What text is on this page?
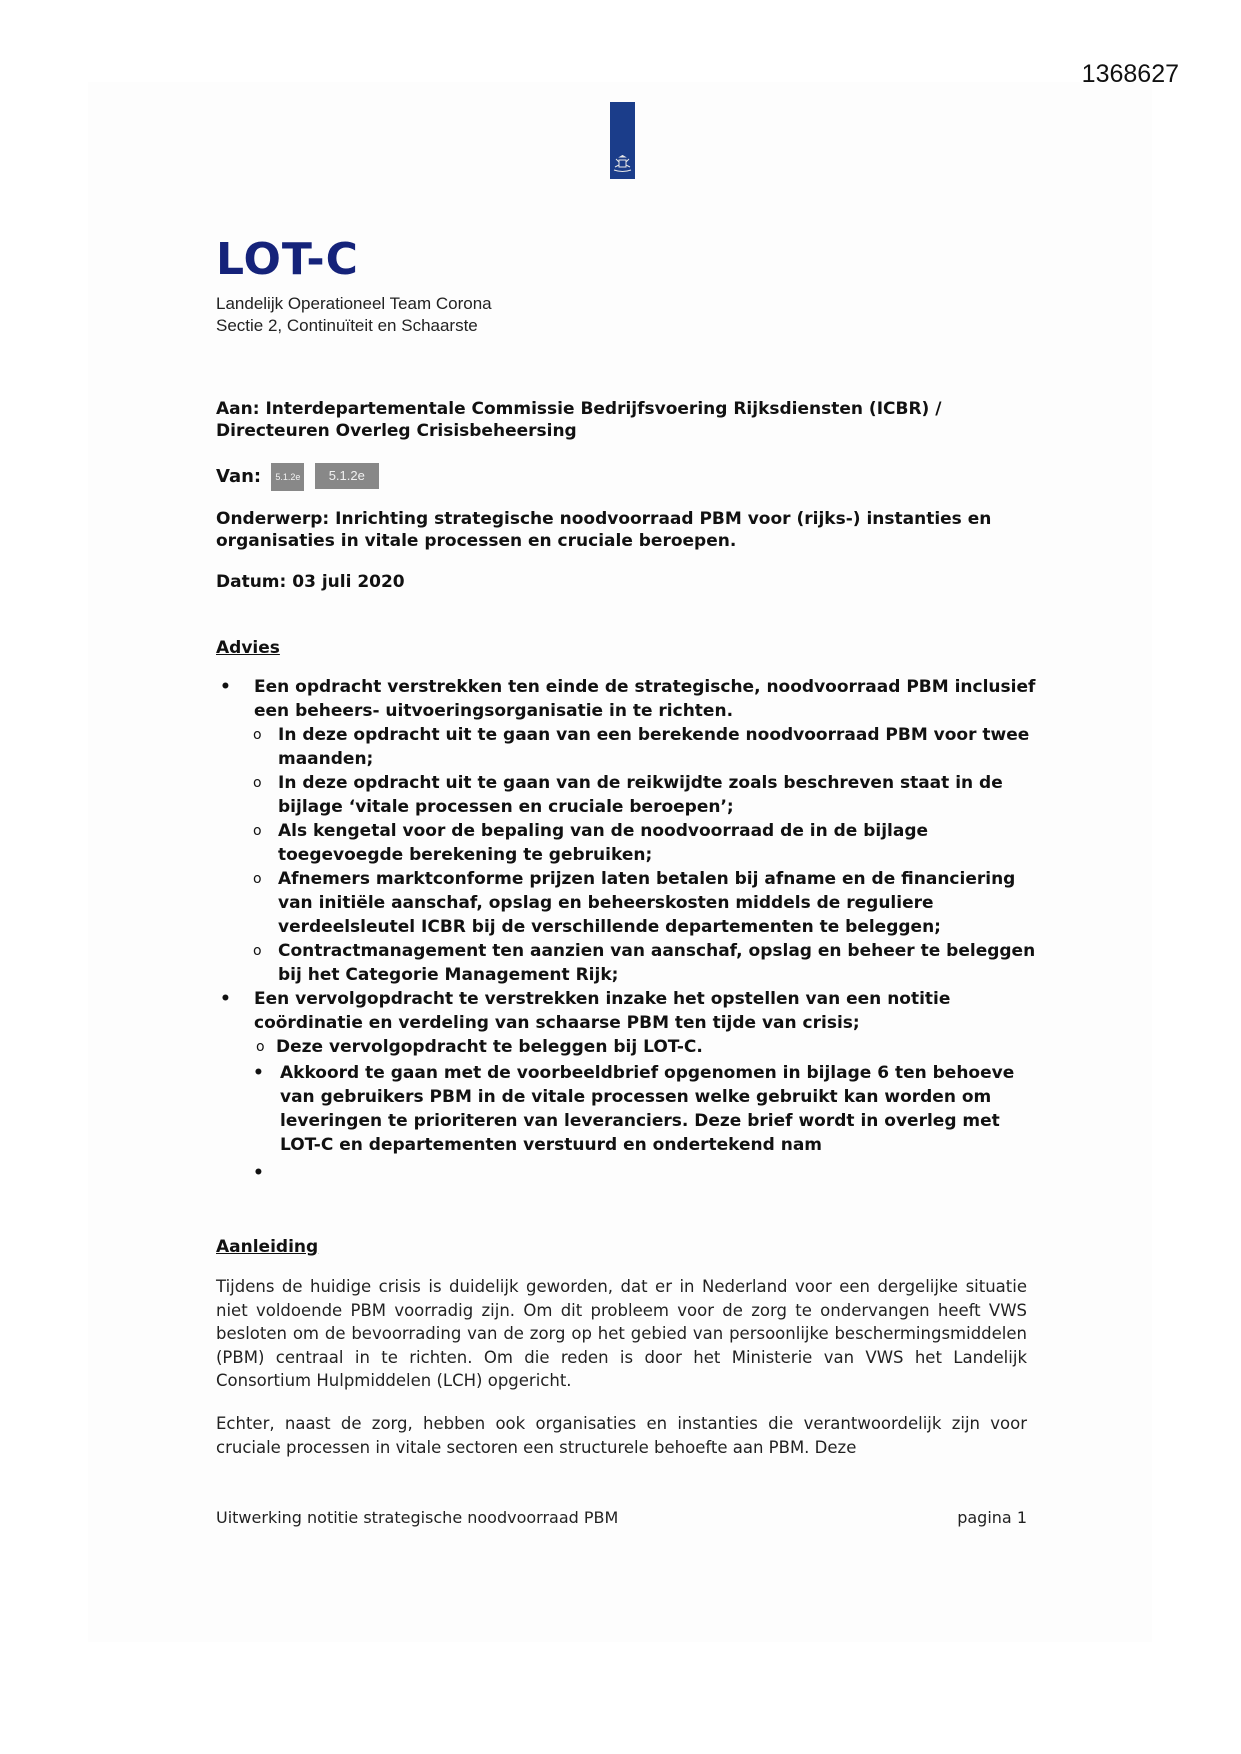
1368627
LOT-C
Landelijk Operationeel Team Corona
Sectie 2, Continuïteit en Schaarste
Aan: Interdepartementale Commissie Bedrijfsvoering Rijksdiensten (ICBR) / Directeuren Overleg Crisisbeheersing
Van: 5.1.2e 5.1.2e
Onderwerp: Inrichting strategische noodvoorraad PBM voor (rijks-) instanties en organisaties in vitale processen en cruciale beroepen.
Datum: 03 juli 2020
Advies
• Een opdracht verstrekken ten einde de strategische, noodvoorraad PBM inclusief een beheers- uitvoeringsorganisatie in te richten.
o In deze opdracht uit te gaan van een berekende noodvoorraad PBM voor twee maanden;
o In deze opdracht uit te gaan van de reikwijdte zoals beschreven staat in de bijlage ‘vitale processen en cruciale beroepen’;
o Als kengetal voor de bepaling van de noodvoorraad de in de bijlage toegevoegde berekening te gebruiken;
o Afnemers marktconforme prijzen laten betalen bij afname en de financiering van initiële aanschaf, opslag en beheerskosten middels de reguliere verdeelsleutel ICBR bij de verschillende departementen te beleggen;
o Contractmanagement ten aanzien van aanschaf, opslag en beheer te beleggen bij het Categorie Management Rijk;
• Een vervolgopdracht te verstrekken inzake het opstellen van een notitie coördinatie en verdeling van schaarse PBM ten tijde van crisis;
o Deze vervolgopdracht te beleggen bij LOT-C.
• Akkoord te gaan met de voorbeeldbrief opgenomen in bijlage 6 ten behoeve van gebruikers PBM in de vitale processen welke gebruikt kan worden om leveringen te prioriteren van leveranciers. Deze brief wordt in overleg met LOT-C en departementen verstuurd en ondertekend nam
•
Aanleiding
Tijdens de huidige crisis is duidelijk geworden, dat er in Nederland voor een dergelijke situatie niet voldoende PBM voorradig zijn. Om dit probleem voor de zorg te ondervangen heeft VWS besloten om de bevoorrading van de zorg op het gebied van persoonlijke beschermingsmiddelen (PBM) centraal in te richten. Om die reden is door het Ministerie van VWS het Landelijk Consortium Hulpmiddelen (LCH) opgericht.
Echter, naast de zorg, hebben ook organisaties en instanties die verantwoordelijk zijn voor cruciale processen in vitale sectoren een structurele behoefte aan PBM. Deze
Uitwerking notitie strategische noodvoorraad PBM	pagina 1
